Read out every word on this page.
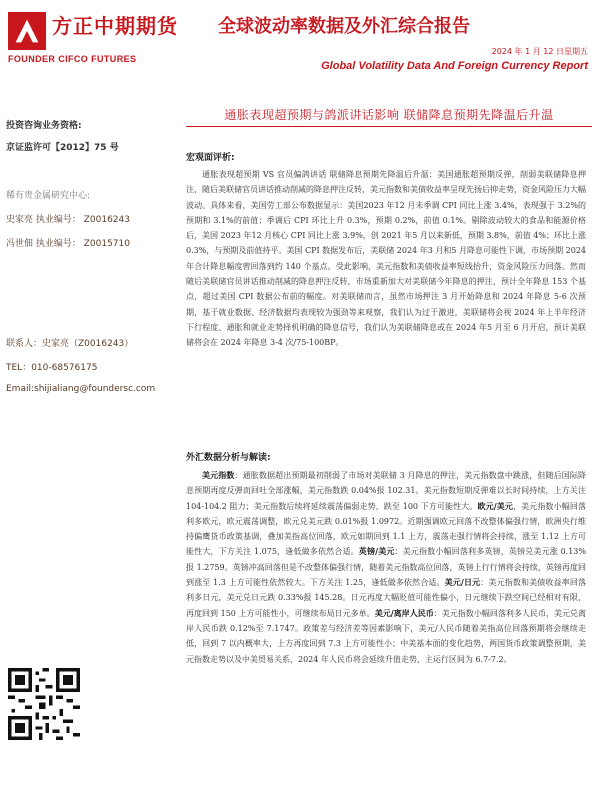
方正中期期货
FOUNDER CIFCO FUTURES
全球波动率数据及外汇综合报告
2024 年 1 月 12 日星期五
Global Volatility Data And Foreign Currency Report
投资咨询业务资格:
京证监许可【2012】75 号
稀有贵金属研究中心:
史家亮 执业编号： Z0016243
冯世佃 执业编号： Z0015710
联系人：史家亮（Z0016243）
TEL：010-68576175
Email:shijialiang@foundersc.com
通胀表现超预期与鸽派讲话影响 联储降息预期先降温后升温
宏观面评析:
通胀表现超预期 VS 官员偏鸽讲话 联储降息预期先降温后升温：美国通胀超预期反弹，削弱美联储降息押注，随后美联储官员讲话推动削减的降息押注反转，美元指数和美债收益率呈现先扬后抑走势，资金风险压力大幅波动。具体来看，美国劳工部公布数据显示：美国2023 年12 月未季调 CPI 同比上涨 3.4%，表现强于 3.2%的预期和 3.1%的前值；季调后 CPI 环比上升 0.3%，预期 0.2%，前值 0.1%。剔除波动较大的食品和能源价格后，美国 2023 年12 月核心 CPI 同比上涨 3.9%，创 2021 年5 月以来新低，预期 3.8%，前值 4%；环比上涨 0.3%，与预期及前值持平。美国 CPI 数据发布后，美联储 2024 年3 月和5 月降息可能性下调，市场预期 2024 年合计降息幅度曾回落到约 140 个基点。受此影响，美元指数和美债收益率短线抬升，资金风险压力回落。然而随后美联储官员讲话推动削减的降息押注反转，市场重新加大对美联储今年降息的押注，预计全年降息 153 个基点，超过美国 CPI 数据公布前的幅度。对美联储而言，虽然市场押注 3 月开始降息和 2024 年降息 5-6 次预期，基于就业数据、经济数据均表现较为强劲等来观察，我们认为过于激进，美联储将会视 2024 年上半年经济下行程度、通胀和就业走势择机明确的降息信号，我们认为美联储降息或在 2024 年5 月至 6 月开启，预计美联储将会在 2024 年降息 3-4 次/75-100BP。
外汇数据分析与解读:
美元指数：通胀数据超出预期最初削弱了市场对美联储 3 月降息的押注，美元指数盘中跳涨，但随后国际降息预期再度反弹而回吐全部涨幅，美元指数跌 0.04%报 102.31。美元指数短期反弹难以长时间持续，上方关注 104-104.2 阻力；美元指数后续将延续震荡偏弱走势，跌至 100 下方可能性大。欧元/美元，美元指数小幅回落利多欧元，欧元震荡调整，欧元兑美元跌 0.01%报 1.0972。近期强调欧元回落不改整体偏强行情，欧洲央行维持偏鹰货币政策基调，叠加美指高位回落，欧元如期回到 1.1 上方，震荡走强行情将会持续，涨至 1.12 上方可能性大，下方关注 1.075，逢低做多依然合适。英镑/美元：美元指数小幅回落利多英镑，英镑兑美元涨 0.13%报 1.2759。英镑冲高回落但是不改整体偏强行情，随着美元指数高位回落，英镑上行行情将会持续，英镑再度回到涨至 1.3 上方可能性依然较大。下方关注 1.25，逢低做多依然合适。美元/日元：美元指数和美债收益率回落利多日元，美元兑日元跌 0.33%报 145.28。日元再度大幅贬值可能性偏小，日元继续下跌空间已经相对有限，再度回到 150 上方可能性小，可继续布局日元多单。美元/离岸人民币：美元指数小幅回落利多人民币，美元兑离岸人民币跌 0.12%至 7.1747。政策差与经济差等因素影响下，美元/人民币随着美指高位回落预期将会继续走低，回到 7 以内概率大，上方再度回到 7.3 上方可能性小；中美基本面的变化趋势，两国货币政策调整预期，美元指数走势以及中美贸易关系，2024 年人民币将会延续升值走势，主运行区间为 6.7-7.2。
